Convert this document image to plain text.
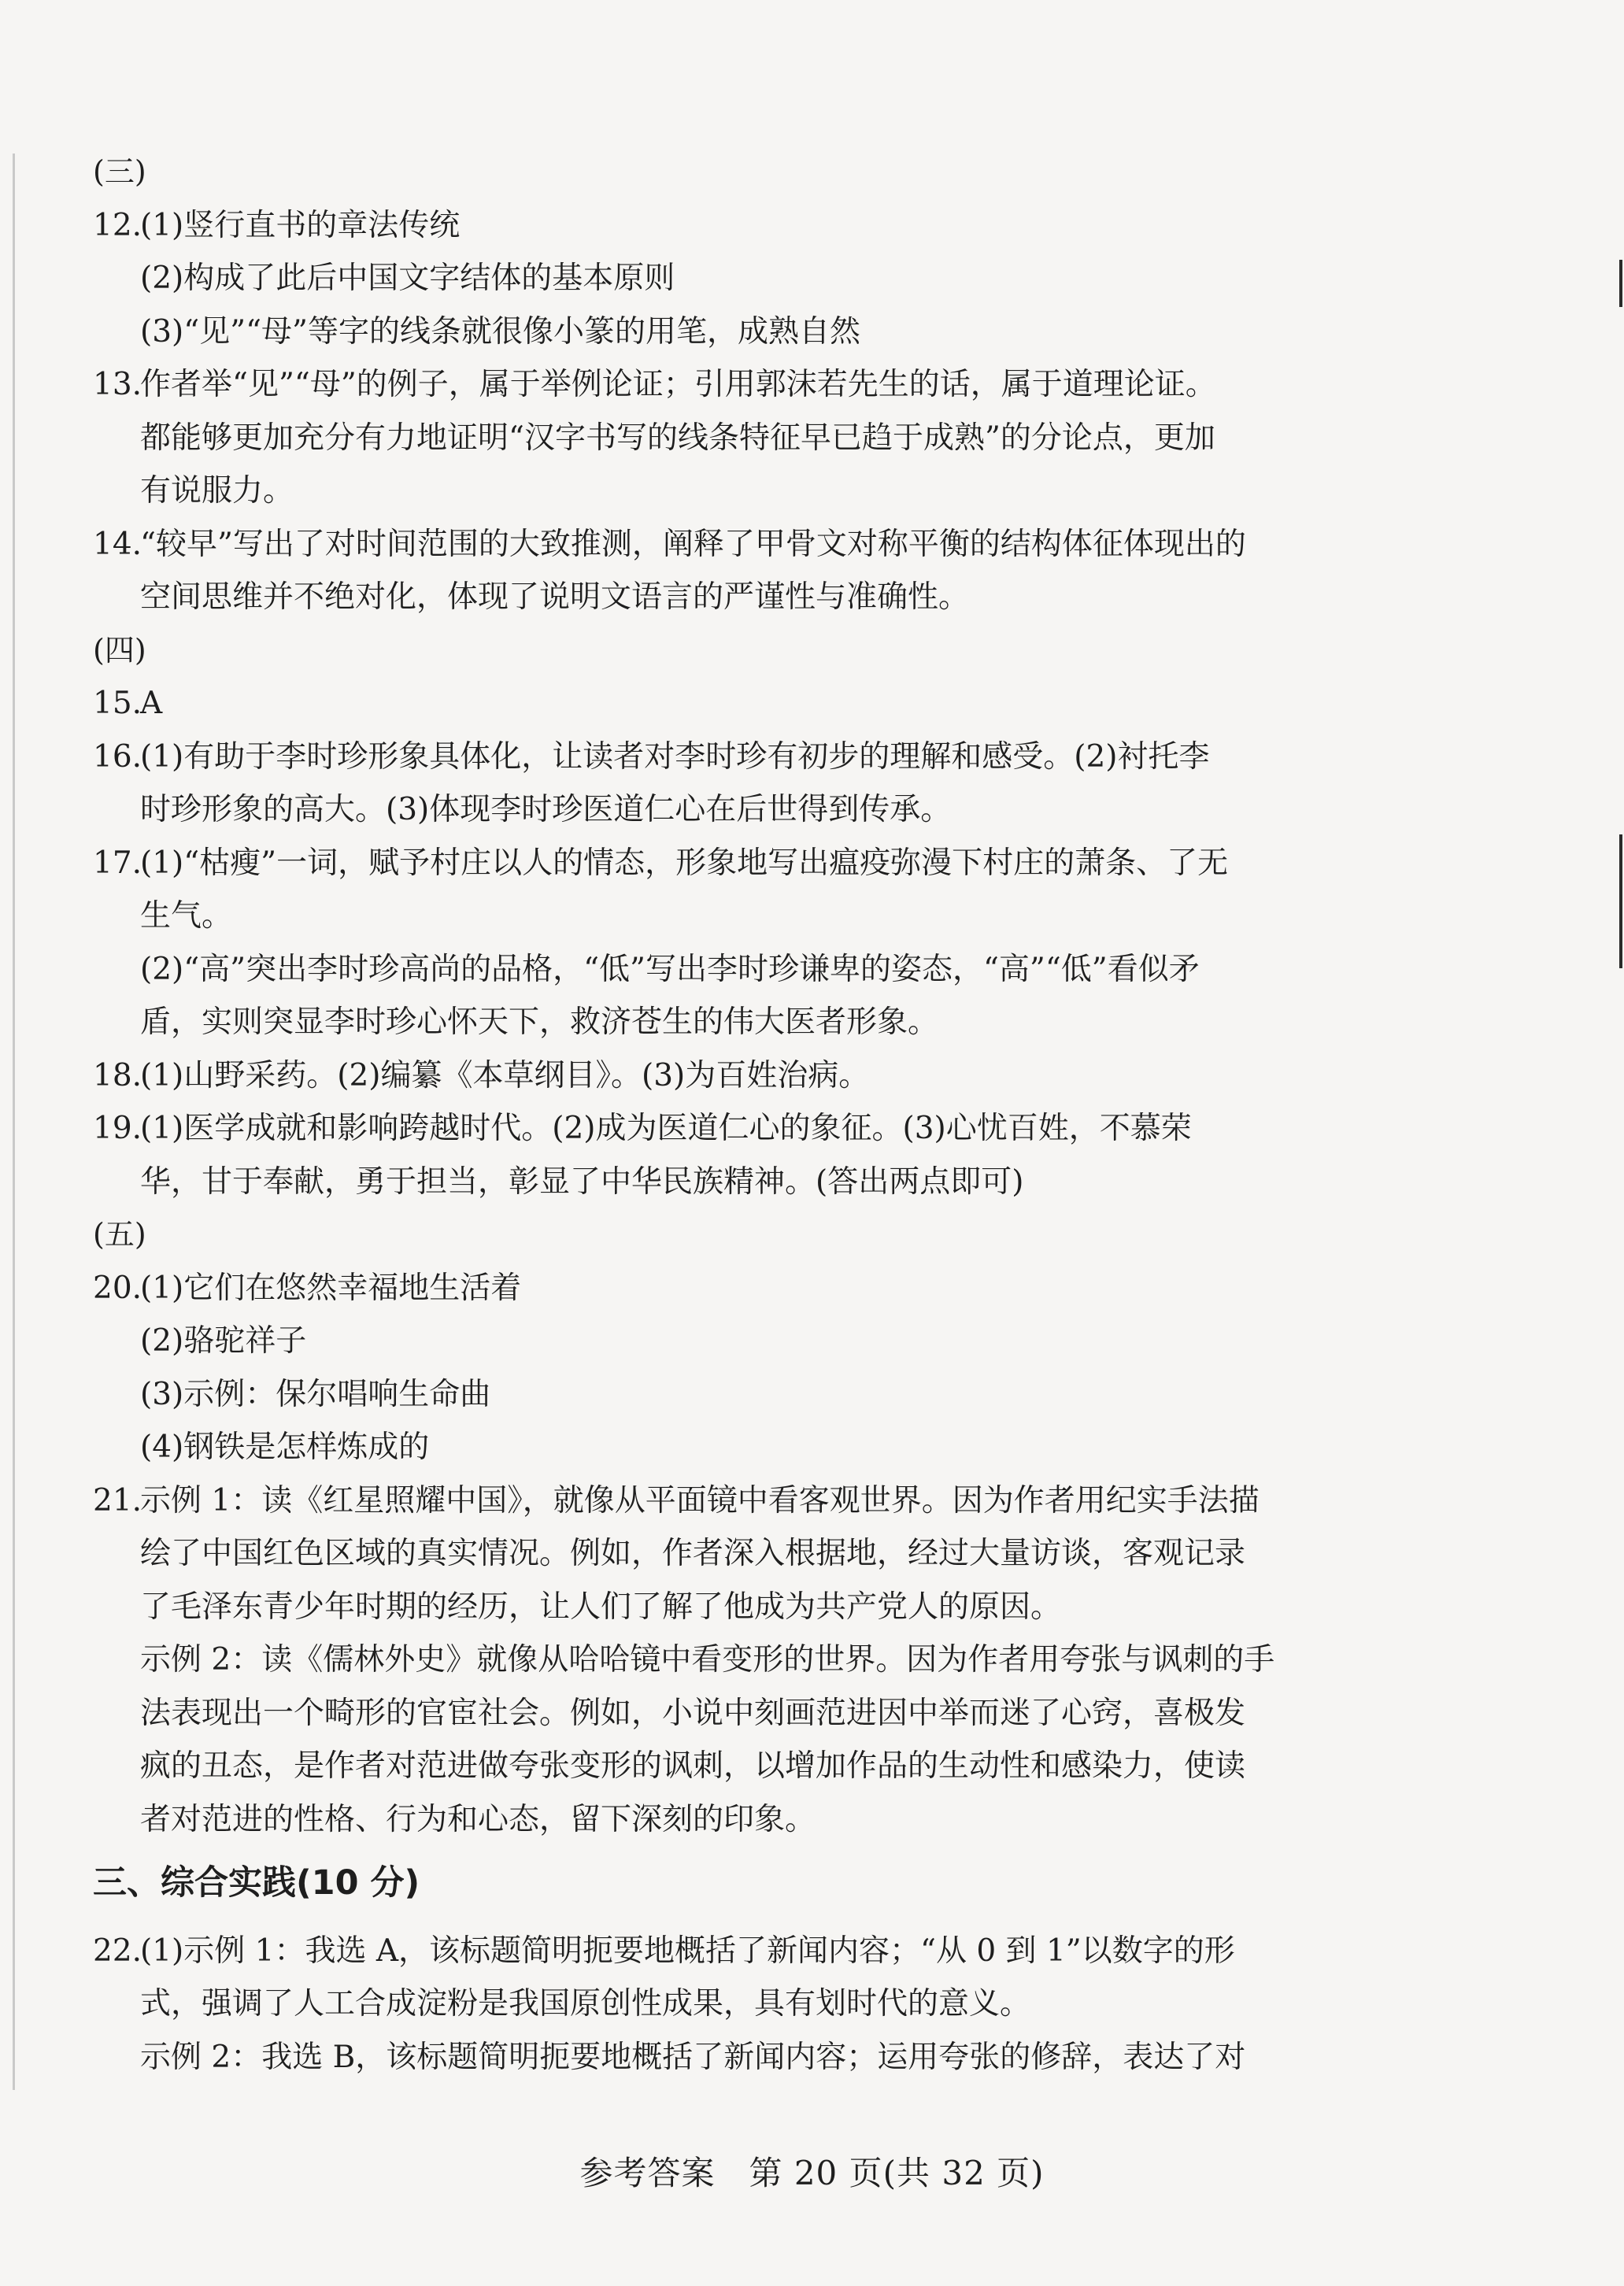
(三)
12.(1)竖行直书的章法传统
(2)构成了此后中国文字结体的基本原则
(3)“见”“母”等字的线条就很像小篆的用笔，成熟自然
13.作者举“见”“母”的例子，属于举例论证；引用郭沫若先生的话，属于道理论证。
都能够更加充分有力地证明“汉字书写的线条特征早已趋于成熟”的分论点，更加
有说服力。
14.“较早”写出了对时间范围的大致推测，阐释了甲骨文对称平衡的结构体征体现出的
空间思维并不绝对化，体现了说明文语言的严谨性与准确性。
(四)
15.A
16.(1)有助于李时珍形象具体化，让读者对李时珍有初步的理解和感受。(2)衬托李
时珍形象的高大。(3)体现李时珍医道仁心在后世得到传承。
17.(1)“枯瘦”一词，赋予村庄以人的情态，形象地写出瘟疫弥漫下村庄的萧条、了无
生气。
(2)“高”突出李时珍高尚的品格，“低”写出李时珍谦卑的姿态，“高”“低”看似矛
盾，实则突显李时珍心怀天下，救济苍生的伟大医者形象。
18.(1)山野采药。(2)编纂《本草纲目》。(3)为百姓治病。
19.(1)医学成就和影响跨越时代。(2)成为医道仁心的象征。(3)心忧百姓，不慕荣
华，甘于奉献，勇于担当，彰显了中华民族精神。(答出两点即可)
(五)
20.(1)它们在悠然幸福地生活着
(2)骆驼祥子
(3)示例：保尔唱响生命曲
(4)钢铁是怎样炼成的
21.示例 1：读《红星照耀中国》，就像从平面镜中看客观世界。因为作者用纪实手法描
绘了中国红色区域的真实情况。例如，作者深入根据地，经过大量访谈，客观记录
了毛泽东青少年时期的经历，让人们了解了他成为共产党人的原因。
示例 2：读《儒林外史》就像从哈哈镜中看变形的世界。因为作者用夸张与讽刺的手
法表现出一个畸形的官宦社会。例如，小说中刻画范进因中举而迷了心窍，喜极发
疯的丑态，是作者对范进做夸张变形的讽刺，以增加作品的生动性和感染力，使读
者对范进的性格、行为和心态，留下深刻的印象。
三、综合实践(10 分)
22.(1)示例 1：我选 A，该标题简明扼要地概括了新闻内容；“从 0 到 1”以数字的形
式，强调了人工合成淀粉是我国原创性成果，具有划时代的意义。
示例 2：我选 B，该标题简明扼要地概括了新闻内容；运用夸张的修辞，表达了对
参考答案　第 20 页(共 32 页)
